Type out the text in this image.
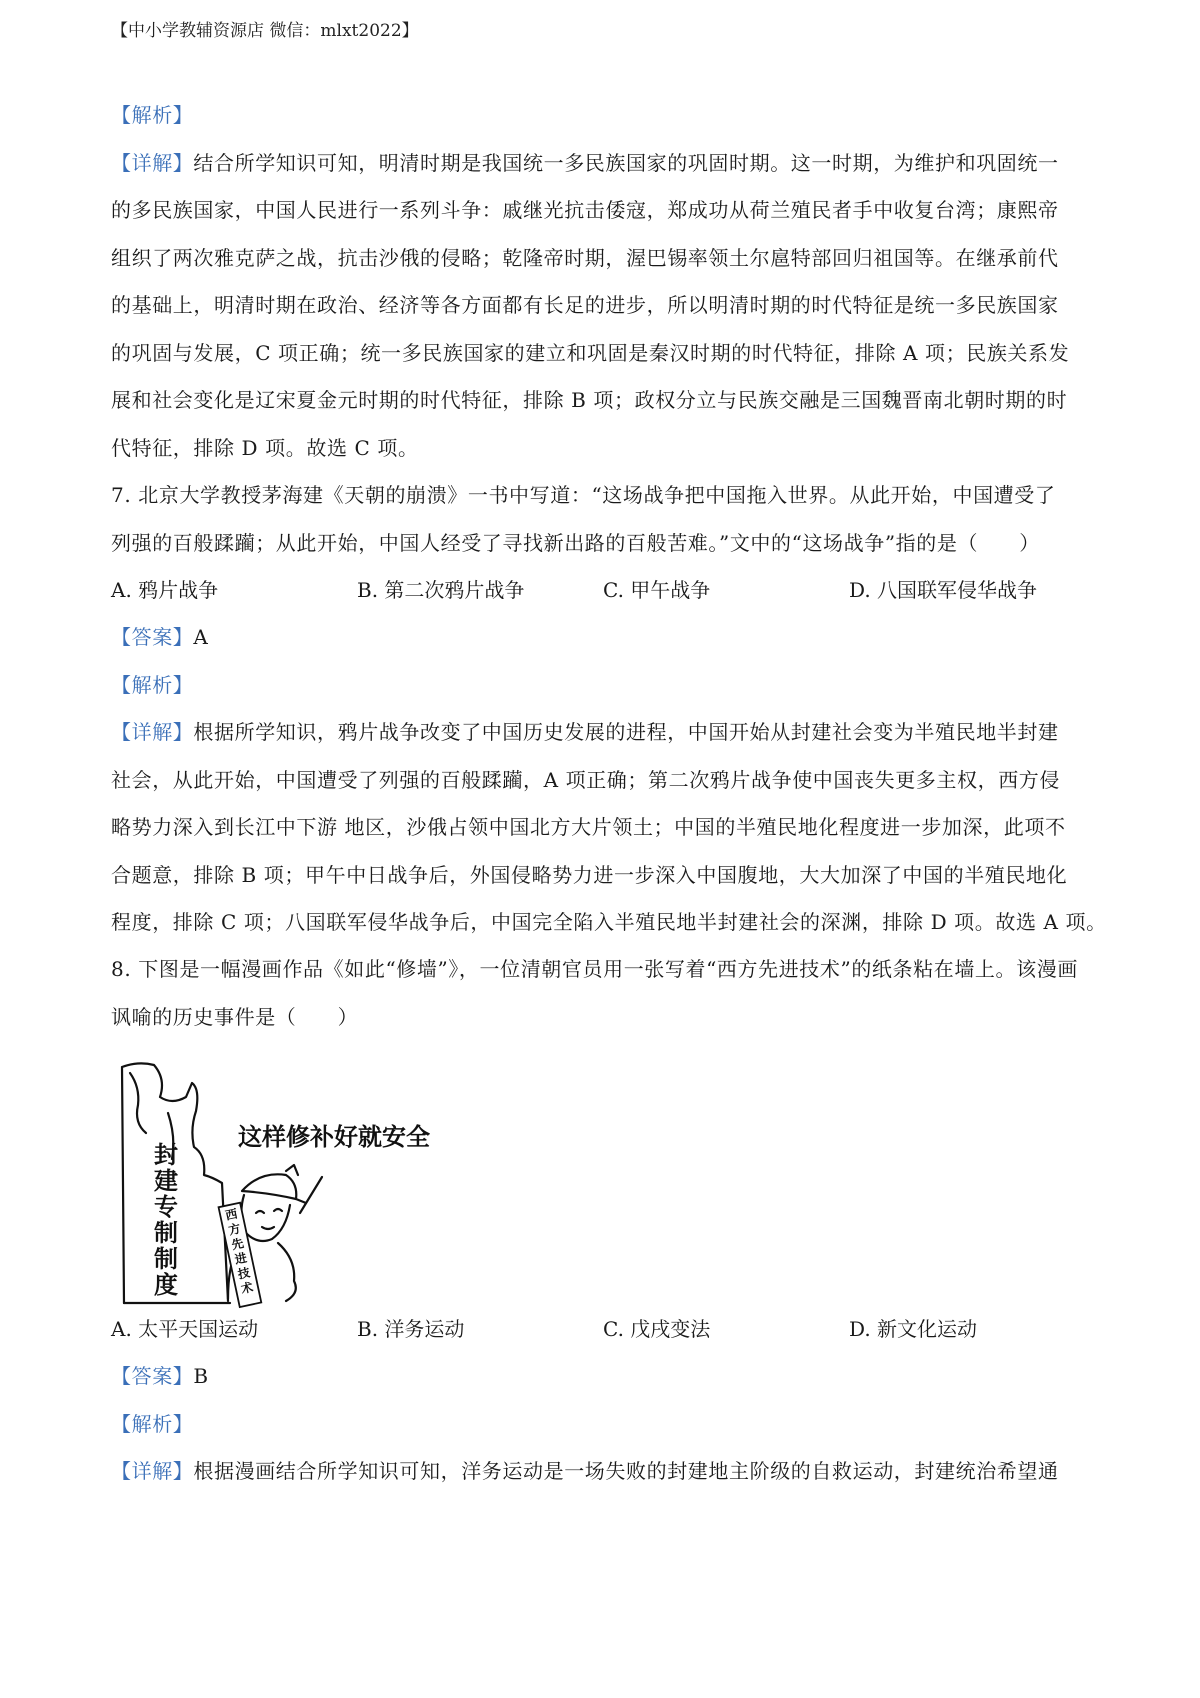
【中小学教辅资源店 微信：mlxt2022】
【解析】
【详解】结合所学知识可知，明清时期是我国统一多民族国家的巩固时期。这一时期，为维护和巩固统一
的多民族国家，中国人民进行一系列斗争：戚继光抗击倭寇，郑成功从荷兰殖民者手中收复台湾；康熙帝
组织了两次雅克萨之战，抗击沙俄的侵略；乾隆帝时期，渥巴锡率领土尔扈特部回归祖国等。在继承前代
的基础上，明清时期在政治、经济等各方面都有长足的进步，所以明清时期的时代特征是统一多民族国家
的巩固与发展，C 项正确；统一多民族国家的建立和巩固是秦汉时期的时代特征，排除 A 项；民族关系发
展和社会变化是辽宋夏金元时期的时代特征，排除 B 项；政权分立与民族交融是三国魏晋南北朝时期的时
代特征，排除 D 项。故选 C 项。
7. 北京大学教授茅海建《天朝的崩溃》一书中写道：“这场战争把中国拖入世界。从此开始，中国遭受了
列强的百般蹂躏；从此开始，中国人经受了寻找新出路的百般苦难。”文中的“这场战争”指的是（　　）
A. 鸦片战争	B. 第二次鸦片战争	C. 甲午战争	D. 八国联军侵华战争
【答案】A
【解析】
【详解】根据所学知识，鸦片战争改变了中国历史发展的进程，中国开始从封建社会变为半殖民地半封建
社会，从此开始，中国遭受了列强的百般蹂躏，A 项正确；第二次鸦片战争使中国丧失更多主权，西方侵
略势力深入到长江中下游 地区，沙俄占领中国北方大片领土；中国的半殖民地化程度进一步加深，此项不
合题意，排除 B 项；甲午中日战争后，外国侵略势力进一步深入中国腹地，大大加深了中国的半殖民地化
程度，排除 C 项；八国联军侵华战争后，中国完全陷入半殖民地半封建社会的深渊，排除 D 项。故选 A 项。
8. 下图是一幅漫画作品《如此“修墙”》，一位清朝官员用一张写着“西方先进技术”的纸条粘在墙上。该漫画
讽喻的历史事件是（　　）
西
方
先
进
技
术
这样修补好就安全
封
建
专
制
制
度
A. 太平天国运动	B. 洋务运动	C. 戊戌变法	D. 新文化运动
【答案】B
【解析】
【详解】根据漫画结合所学知识可知，洋务运动是一场失败的封建地主阶级的自救运动，封建统治希望通
